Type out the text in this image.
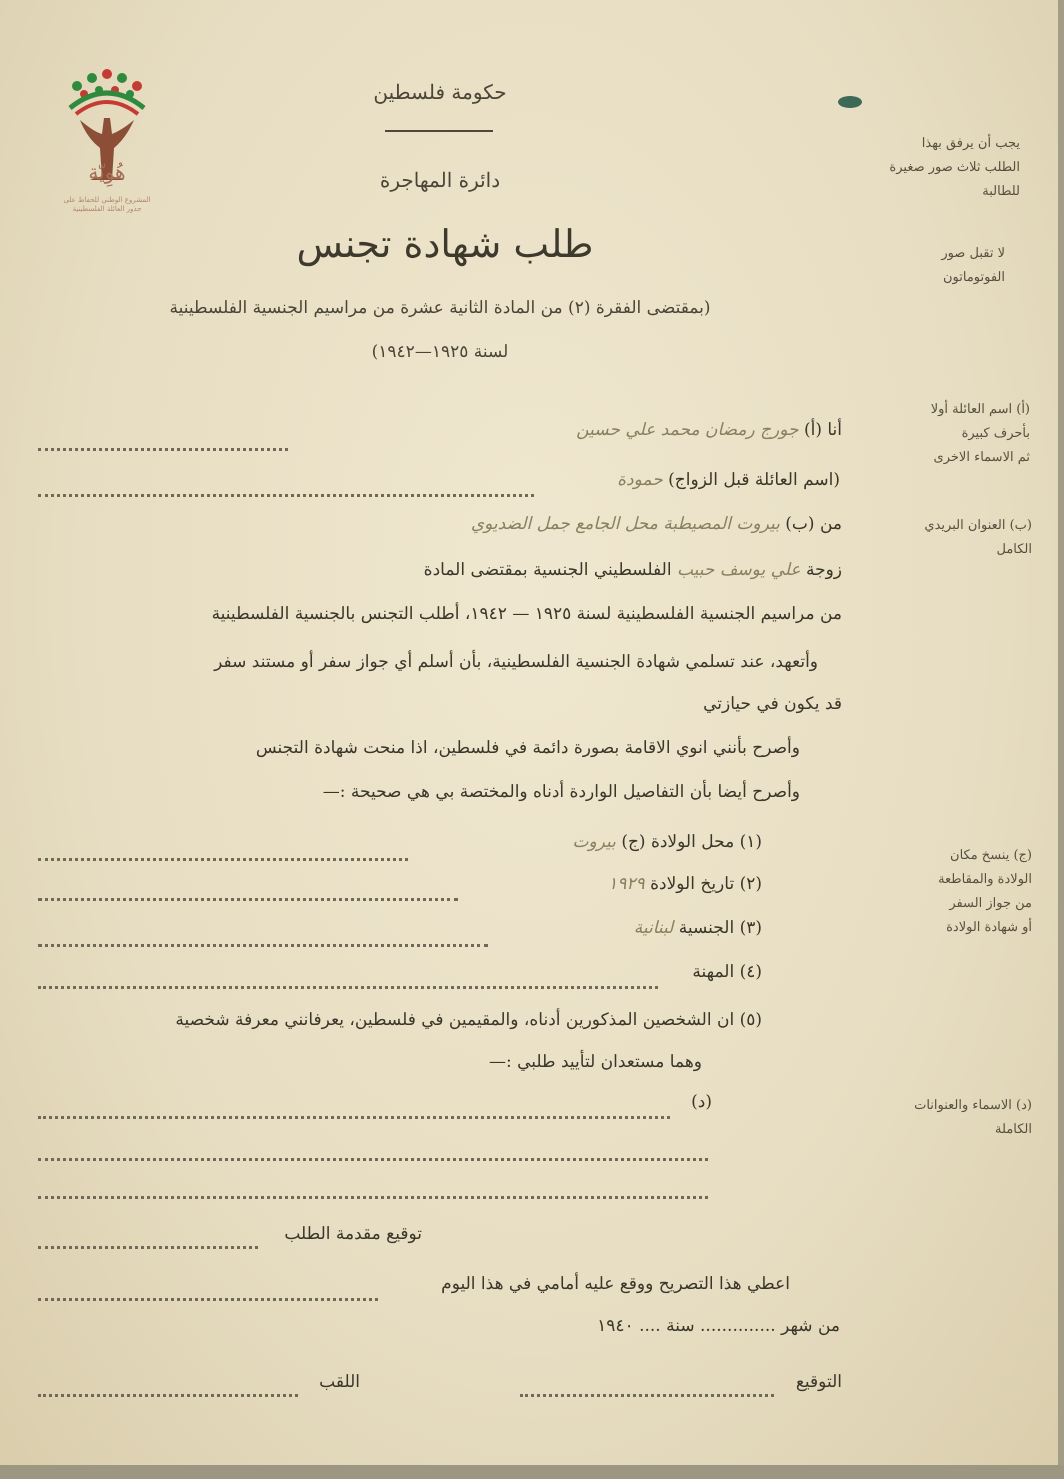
هُوِيّة
المشروع الوطني للحفاظ على
جذور العائلة الفلسطينية
حكومة فلسطين
دائرة المهاجرة
طلب شهادة تجنس
(بمقتضى الفقرة (٢) من المادة الثانية عشرة من مراسيم الجنسية الفلسطينية
لسنة ١٩٢٥—١٩٤٢)
يجب أن يرفق بهذا
الطلب ثلاث صور صغيرة
للطالبة
لا تقبل صور
الفوتوماتون
(أ) اسم العائلة أولا
بأحرف كبيرة
ثم الاسماء الاخرى
(ب) العنوان البريدي
الكامل
(ج) ينسخ مكان
الولادة والمقاطعة
من جواز السفر
أو شهادة الولادة
(د) الاسماء والعنوانات
الكاملة
أنا (أ) جورج رمضان محمد علي حسين
(اسم العائلة قبل الزواج) حمودة
من (ب) بيروت المصيطبة محل الجامع جمل الضديوي
زوجة علي يوسف حبيب الفلسطيني الجنسية بمقتضى المادة
من مراسيم الجنسية الفلسطينية لسنة ١٩٢٥ — ١٩٤٢، أطلب التجنس بالجنسية الفلسطينية
وأتعهد، عند تسلمي شهادة الجنسية الفلسطينية، بأن أسلم أي جواز سفر أو مستند سفر
قد يكون في حيازتي
وأصرح بأنني انوي الاقامة بصورة دائمة في فلسطين، اذا منحت شهادة التجنس
وأصرح أيضا بأن التفاصيل الواردة أدناه والمختصة بي هي صحيحة :—
(١) محل الولادة (ج) بيروت
(٢) تاريخ الولادة ١٩٢٩
(٣) الجنسية لبنانية
(٤) المهنة
(٥) ان الشخصين المذكورين أدناه، والمقيمين في فلسطين، يعرفانني معرفة شخصية
وهما مستعدان لتأييد طلبي :—
(د)
توقيع مقدمة الطلب
اعطي هذا التصريح ووقع عليه أمامي في هذا اليوم
من شهر .............. سنة .... ١٩٤٠
اللقب	التوقيع
